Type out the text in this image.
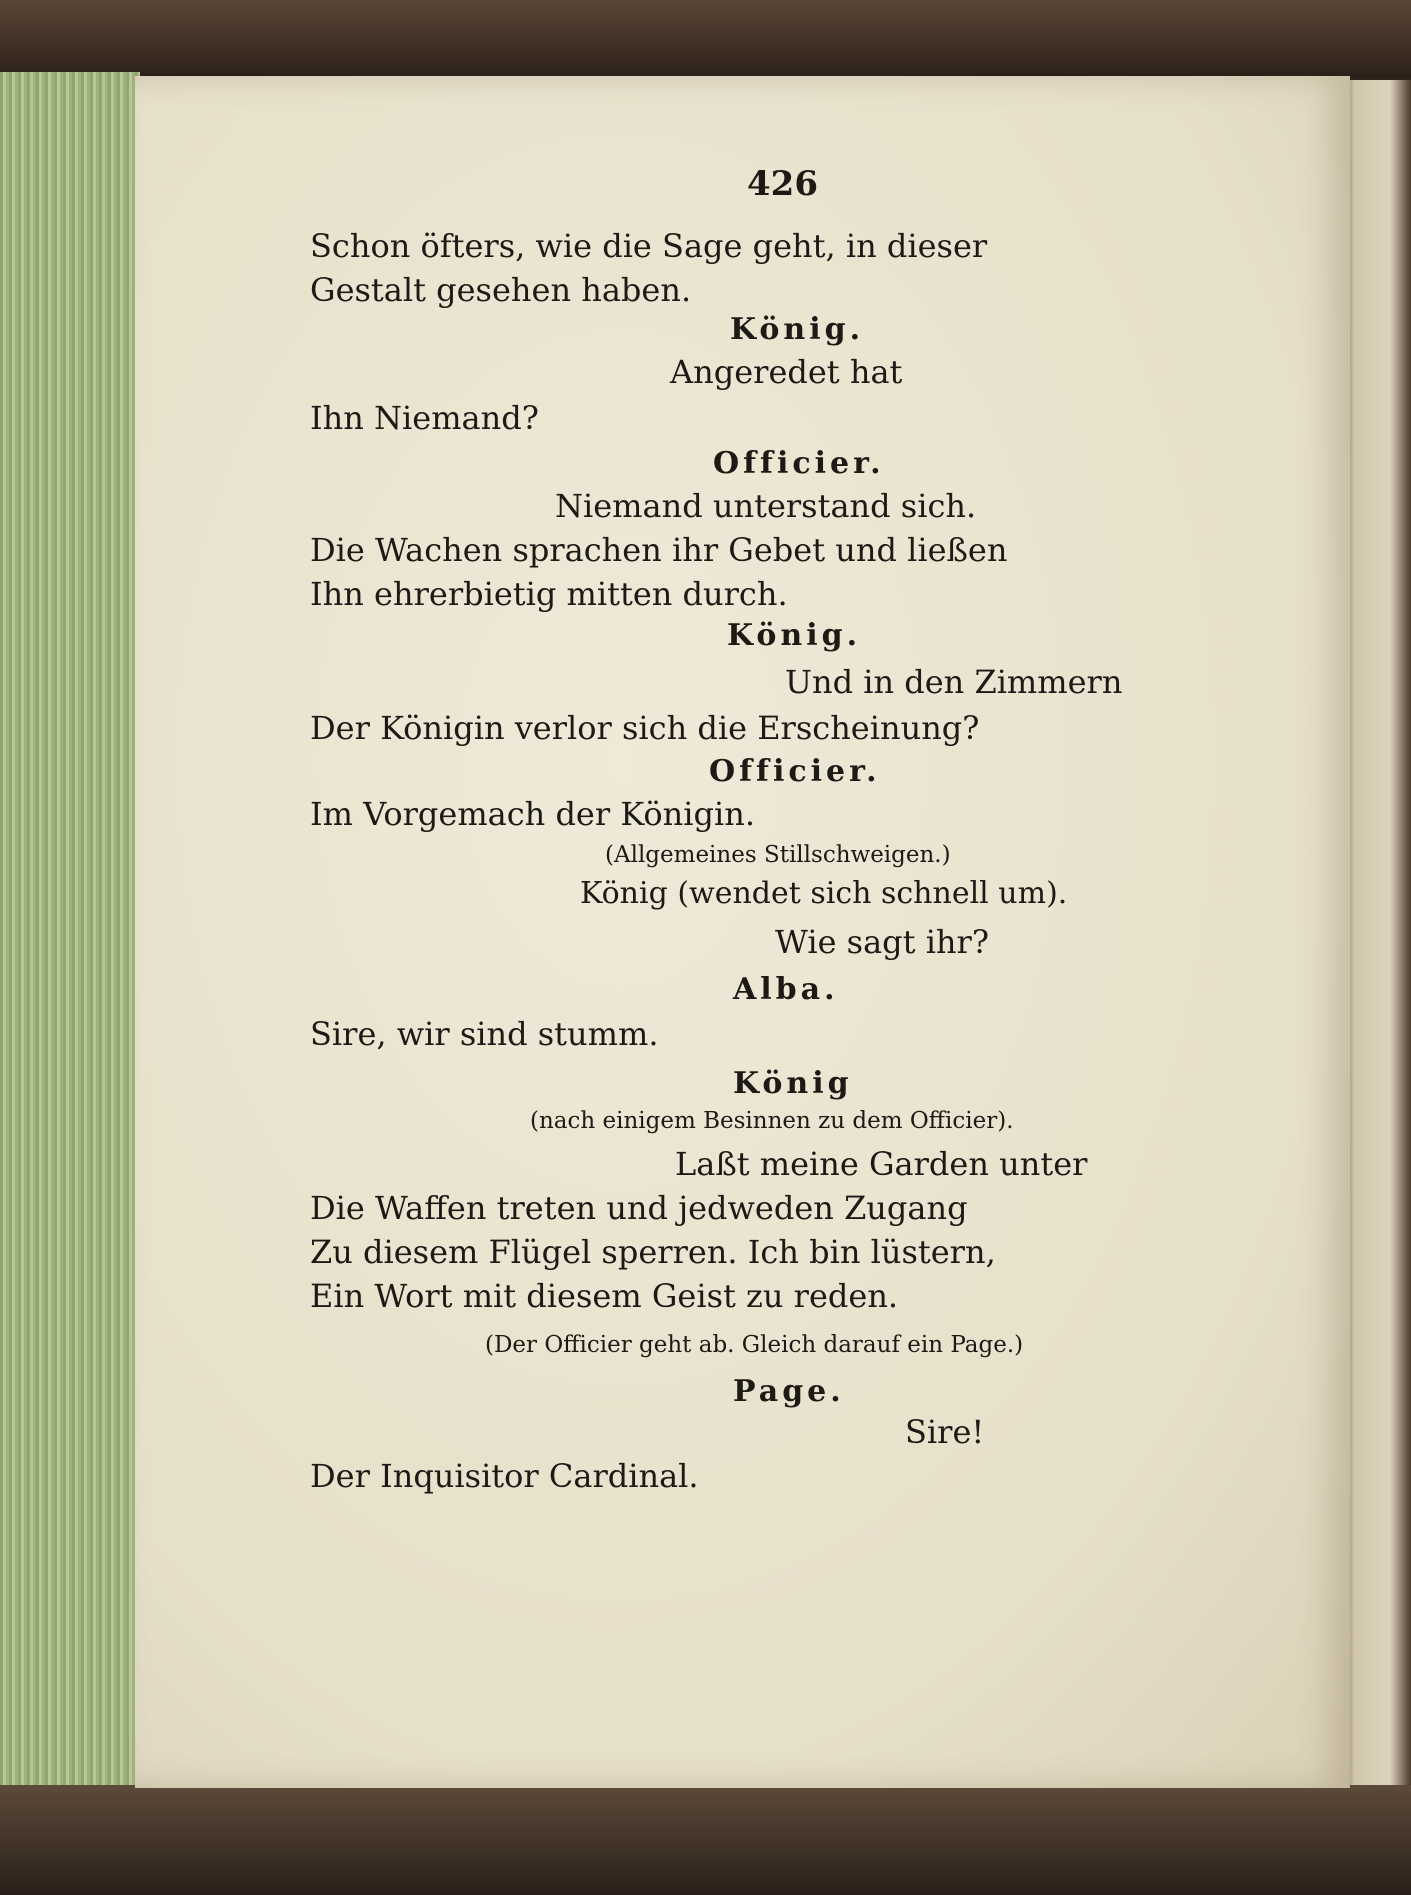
426
Schon öfters, wie die Sage geht, in dieser
Gestalt gesehen haben.
König.
Angeredet hat
Ihn Niemand?
Officier.
Niemand unterstand sich.
Die Wachen sprachen ihr Gebet und ließen
Ihn ehrerbietig mitten durch.
König.
Und in den Zimmern
Der Königin verlor sich die Erscheinung?
Officier.
Im Vorgemach der Königin.
(Allgemeines Stillschweigen.)
König (wendet sich schnell um).
Wie sagt ihr?
Alba.
Sire, wir sind stumm.
König
(nach einigem Besinnen zu dem Officier).
Laßt meine Garden unter
Die Waffen treten und jedweden Zugang
Zu diesem Flügel sperren. Ich bin lüstern,
Ein Wort mit diesem Geist zu reden.
(Der Officier geht ab. Gleich darauf ein Page.)
Page.
Sire!
Der Inquisitor Cardinal.
